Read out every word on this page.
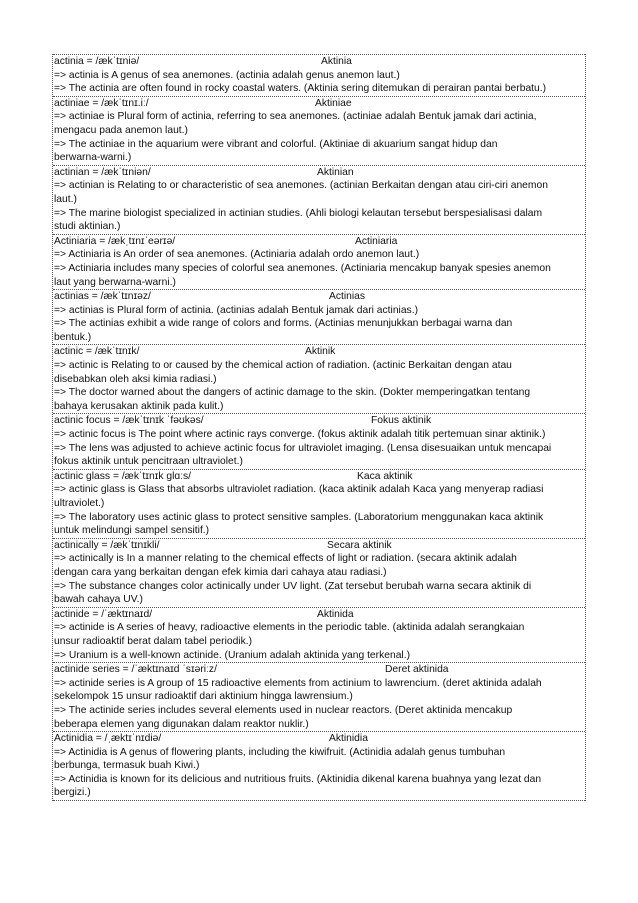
actinia = /ækˈtɪniə/	Aktinia
=> actinia is A genus of sea anemones. (actinia adalah genus anemon laut.)
=> The actinia are often found in rocky coastal waters. (Aktinia sering ditemukan di perairan pantai berbatu.)
actiniae = /ækˈtɪnɪ.iː/	Aktiniae
=> actiniae is Plural form of actinia, referring to sea anemones. (actiniae adalah Bentuk jamak dari actinia,
mengacu pada anemon laut.)
=> The actiniae in the aquarium were vibrant and colorful. (Aktiniae di akuarium sangat hidup dan
berwarna-warni.)
actinian = /ækˈtɪniən/	Aktinian
=> actinian is Relating to or characteristic of sea anemones. (actinian Berkaitan dengan atau ciri-ciri anemon
laut.)
=> The marine biologist specialized in actinian studies. (Ahli biologi kelautan tersebut berspesialisasi dalam
studi aktinian.)
Actiniaria = /ækˌtɪnɪˈeərɪə/	Actiniaria
=> Actiniaria is An order of sea anemones. (Actiniaria adalah ordo anemon laut.)
=> Actiniaria includes many species of colorful sea anemones. (Actiniaria mencakup banyak spesies anemon
laut yang berwarna-warni.)
actinias = /ækˈtɪnɪəz/	Actinias
=> actinias is Plural form of actinia. (actinias adalah Bentuk jamak dari actinias.)
=> The actinias exhibit a wide range of colors and forms. (Actinias menunjukkan berbagai warna dan
bentuk.)
actinic = /ækˈtɪnɪk/	Aktinik
=> actinic is Relating to or caused by the chemical action of radiation. (actinic Berkaitan dengan atau
disebabkan oleh aksi kimia radiasi.)
=> The doctor warned about the dangers of actinic damage to the skin. (Dokter memperingatkan tentang
bahaya kerusakan aktinik pada kulit.)
actinic focus = /ækˈtɪnɪk ˈfəʊkəs/	Fokus aktinik
=> actinic focus is The point where actinic rays converge. (fokus aktinik adalah titik pertemuan sinar aktinik.)
=> The lens was adjusted to achieve actinic focus for ultraviolet imaging. (Lensa disesuaikan untuk mencapai
fokus aktinik untuk pencitraan ultraviolet.)
actinic glass = /ækˈtɪnɪk glɑːs/	Kaca aktinik
=> actinic glass is Glass that absorbs ultraviolet radiation. (kaca aktinik adalah Kaca yang menyerap radiasi
ultraviolet.)
=> The laboratory uses actinic glass to protect sensitive samples. (Laboratorium menggunakan kaca aktinik
untuk melindungi sampel sensitif.)
actinically = /ækˈtɪnɪkli/	Secara aktinik
=> actinically is In a manner relating to the chemical effects of light or radiation. (secara aktinik adalah
dengan cara yang berkaitan dengan efek kimia dari cahaya atau radiasi.)
=> The substance changes color actinically under UV light. (Zat tersebut berubah warna secara aktinik di
bawah cahaya UV.)
actinide = /ˈæktɪnaɪd/	Aktinida
=> actinide is A series of heavy, radioactive elements in the periodic table. (aktinida adalah serangkaian
unsur radioaktif berat dalam tabel periodik.)
=> Uranium is a well-known actinide. (Uranium adalah aktinida yang terkenal.)
actinide series = /ˈæktɪnaɪd ˈsɪəriːz/	Deret aktinida
=> actinide series is A group of 15 radioactive elements from actinium to lawrencium. (deret aktinida adalah
sekelompok 15 unsur radioaktif dari aktinium hingga lawrensium.)
=> The actinide series includes several elements used in nuclear reactors. (Deret aktinida mencakup
beberapa elemen yang digunakan dalam reaktor nuklir.)
Actinidia = /ˌæktɪˈnɪdiə/	Aktinidia
=> Actinidia is A genus of flowering plants, including the kiwifruit. (Actinidia adalah genus tumbuhan
berbunga, termasuk buah Kiwi.)
=> Actinidia is known for its delicious and nutritious fruits. (Aktinidia dikenal karena buahnya yang lezat dan
bergizi.)
